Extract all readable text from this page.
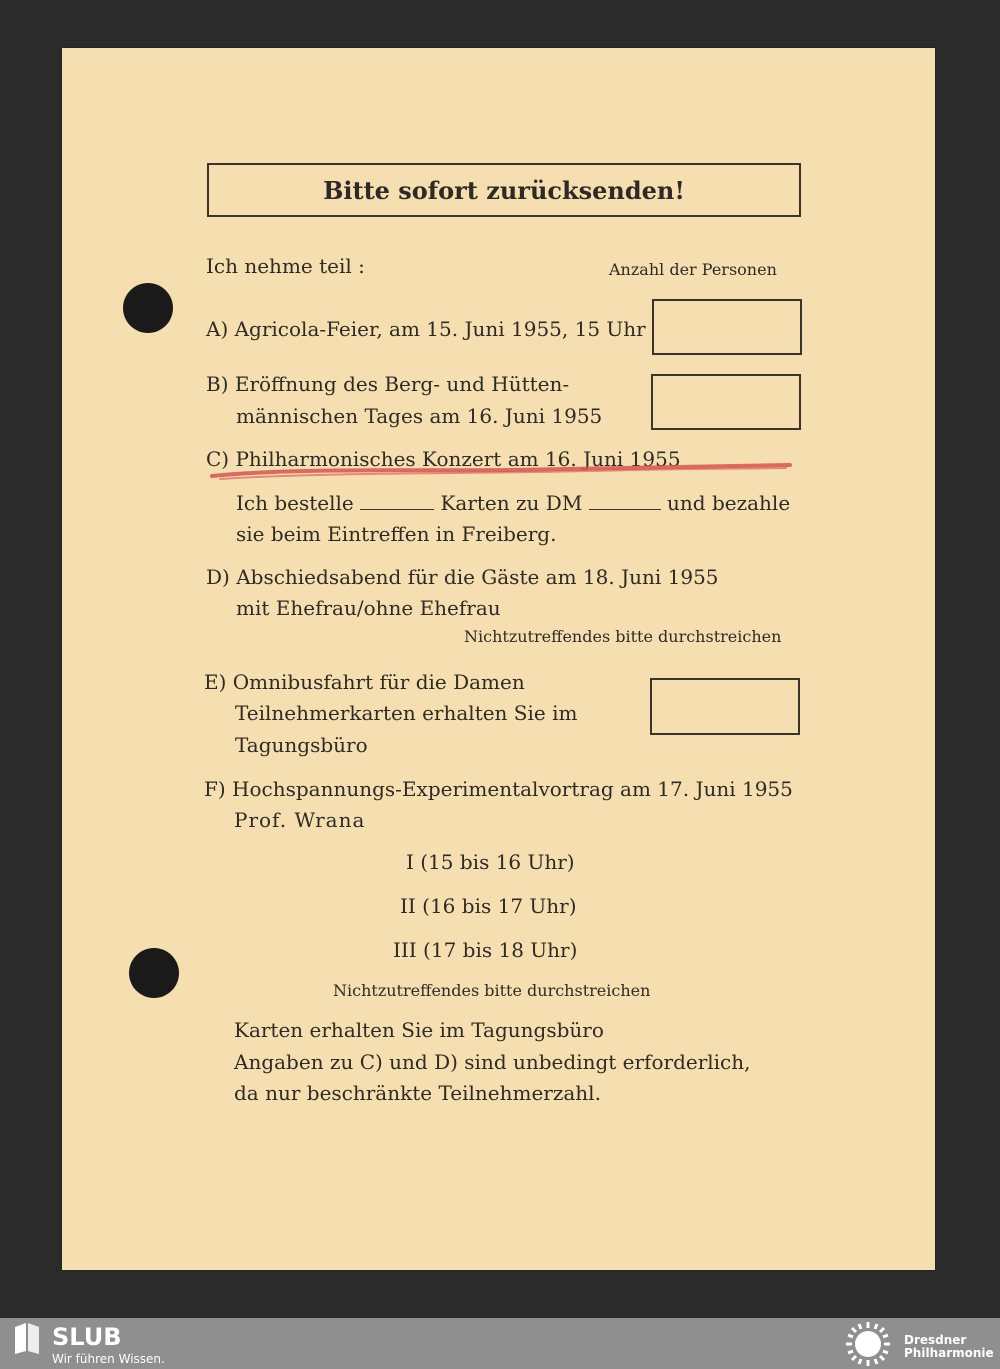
Bitte sofort zurücksenden!
Ich nehme teil :	Anzahl der Personen
A) Agricola-Feier, am 15. Juni 1955, 15 Uhr
B) Eröffnung des Berg- und Hütten-
männischen Tages am 16. Juni 1955
C) Philharmonisches Konzert am 16. Juni 1955
Ich bestelle	Karten zu DM	und bezahle
sie beim Eintreffen in Freiberg.
D) Abschiedsabend für die Gäste am 18. Juni 1955
mit Ehefrau/ohne Ehefrau
Nichtzutreffendes bitte durchstreichen
E) Omnibusfahrt für die Damen
Teilnehmerkarten erhalten Sie im
Tagungsbüro
F) Hochspannungs-Experimentalvortrag am 17. Juni 1955
Prof. Wrana
I (15 bis 16 Uhr)
II (16 bis 17 Uhr)
III (17 bis 18 Uhr)
Nichtzutreffendes bitte durchstreichen
Karten erhalten Sie im Tagungsbüro
Angaben zu C) und D) sind unbedingt erforderlich,
da nur beschränkte Teilnehmerzahl.
SLUB
Wir führen Wissen.
Dresdner
Philharmonie
